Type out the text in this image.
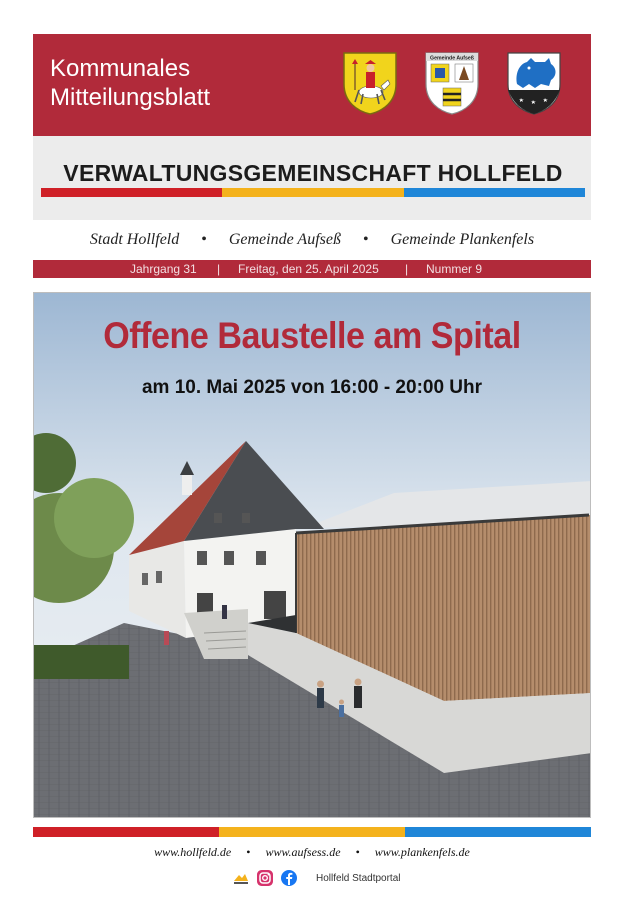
Kommunales
Mitteilungsblatt
Gemeinde Aufseß
VERWALTUNGSGEMEINSCHAFT HOLLFELD
Stadt Hollfeld • Gemeinde Aufseß • Gemeinde Plankenfels
Jahrgang 31 | Freitag, den 25. April 2025 | Nummer 9
Offene Baustelle am Spital
am 10. Mai 2025 von 16:00 - 20:00 Uhr
www.hollfeld.de • www.aufsess.de • www.plankenfels.de
Hollfeld Stadtportal
